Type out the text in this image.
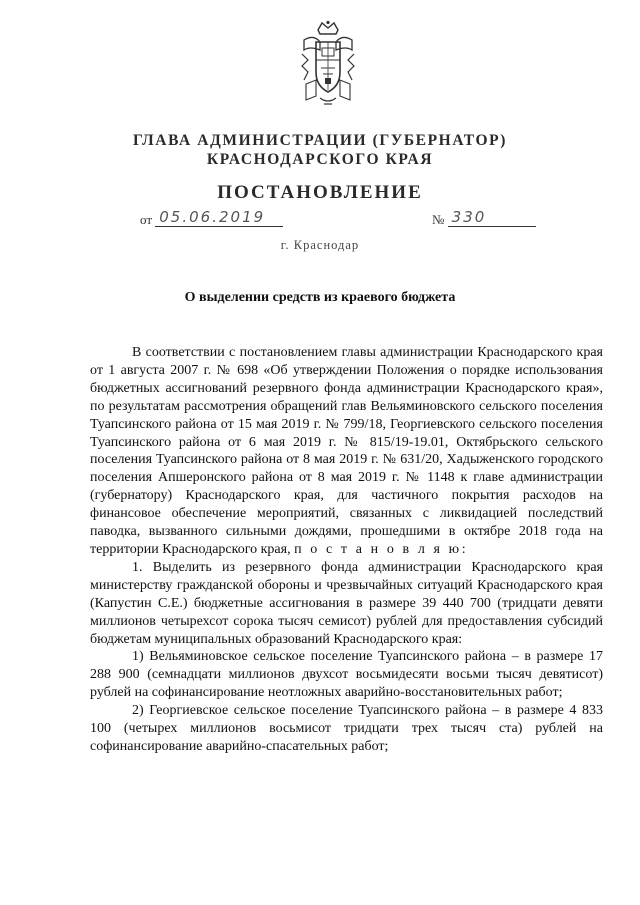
ГЛАВА АДМИНИСТРАЦИИ (ГУБЕРНАТОР)
КРАСНОДАРСКОГО КРАЯ
ПОСТАНОВЛЕНИЕ
от 05.06.2019	№ 330
г. Краснодар
О выделении средств из краевого бюджета

В соответствии с постановлением главы администрации Краснодарского края от 1 августа 2007 г. № 698 «Об утверждении Положения о порядке использования бюджетных ассигнований резервного фонда администрации Краснодарского края», по результатам рассмотрения обращений глав Вельяминовского сельского поселения Туапсинского района от 15 мая 2019 г. № 799/18, Георгиевского сельского поселения Туапсинского района от 6 мая 2019 г. № 815/19-19.01, Октябрьского сельского поселения Туапсинского района от 8 мая 2019 г. № 631/20, Хадыженского городского поселения Апшеронского района от 8 мая 2019 г. № 1148 к главе администрации (губернатору) Краснодарского края, для частичного покрытия расходов на финансовое обеспечение мероприятий, связанных с ликвидацией последствий паводка, вызванного сильными дождями, прошедшими в октябре 2018 года на территории Краснодарского края, п о с т а н о в л я ю:

1. Выделить из резервного фонда администрации Краснодарского края министерству гражданской обороны и чрезвычайных ситуаций Краснодарского края (Капустин С.Е.) бюджетные ассигнования в размере 39 440 700 (тридцати девяти миллионов четырехсот сорока тысяч семисот) рублей для предоставления субсидий бюджетам муниципальных образований Краснодарского края:

1) Вельяминовское сельское поселение Туапсинского района – в размере 17 288 900 (семнадцати миллионов двухсот восьмидесяти восьми тысяч девятисот) рублей на софинансирование неотложных аварийно-восстановительных работ;

2) Георгиевское сельское поселение Туапсинского района – в размере 4 833 100 (четырех миллионов восьмисот тридцати трех тысяч ста) рублей на софинансирование аварийно-спасательных работ;
